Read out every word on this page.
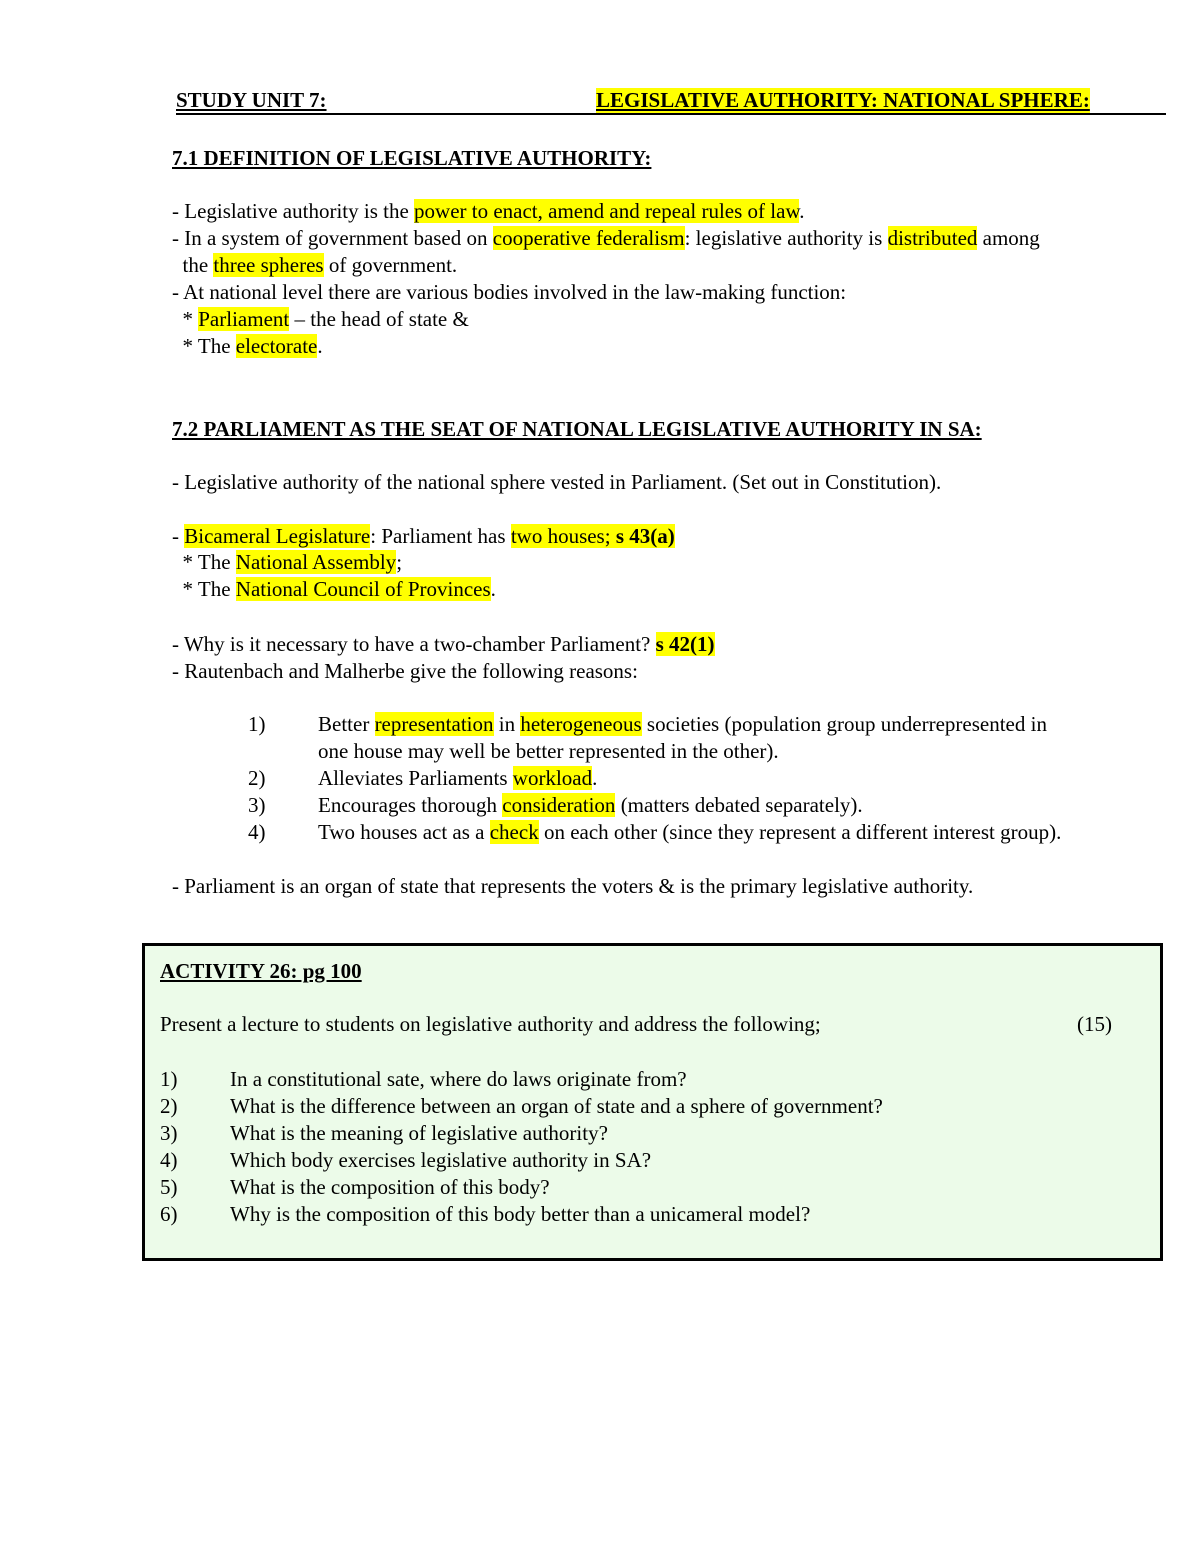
STUDY UNIT 7:	LEGISLATIVE AUTHORITY: NATIONAL SPHERE:
7.1 DEFINITION OF LEGISLATIVE AUTHORITY:
- Legislative authority is the power to enact, amend and repeal rules of law.
- In a system of government based on cooperative federalism: legislative authority is distributed among
the three spheres of government.
- At national level there are various bodies involved in the law-making function:
* Parliament – the head of state &
* The electorate.
7.2 PARLIAMENT AS THE SEAT OF NATIONAL LEGISLATIVE AUTHORITY IN SA:
- Legislative authority of the national sphere vested in Parliament. (Set out in Constitution).
- Bicameral Legislature: Parliament has two houses; s 43(a)
* The National Assembly;
* The National Council of Provinces.
- Why is it necessary to have a two-chamber Parliament? s 42(1)
- Rautenbach and Malherbe give the following reasons:
1)	Better representation in heterogeneous societies (population group underrepresented in
one house may well be better represented in the other).
2)	Alleviates Parliaments workload.
3)	Encourages thorough consideration (matters debated separately).
4)	Two houses act as a check on each other (since they represent a different interest group).
- Parliament is an organ of state that represents the voters & is the primary legislative authority.
ACTIVITY 26: pg 100
Present a lecture to students on legislative authority and address the following;	(15)
1)	In a constitutional sate, where do laws originate from?
2)	What is the difference between an organ of state and a sphere of government?
3)	What is the meaning of legislative authority?
4)	Which body exercises legislative authority in SA?
5)	What is the composition of this body?
6)	Why is the composition of this body better than a unicameral model?
